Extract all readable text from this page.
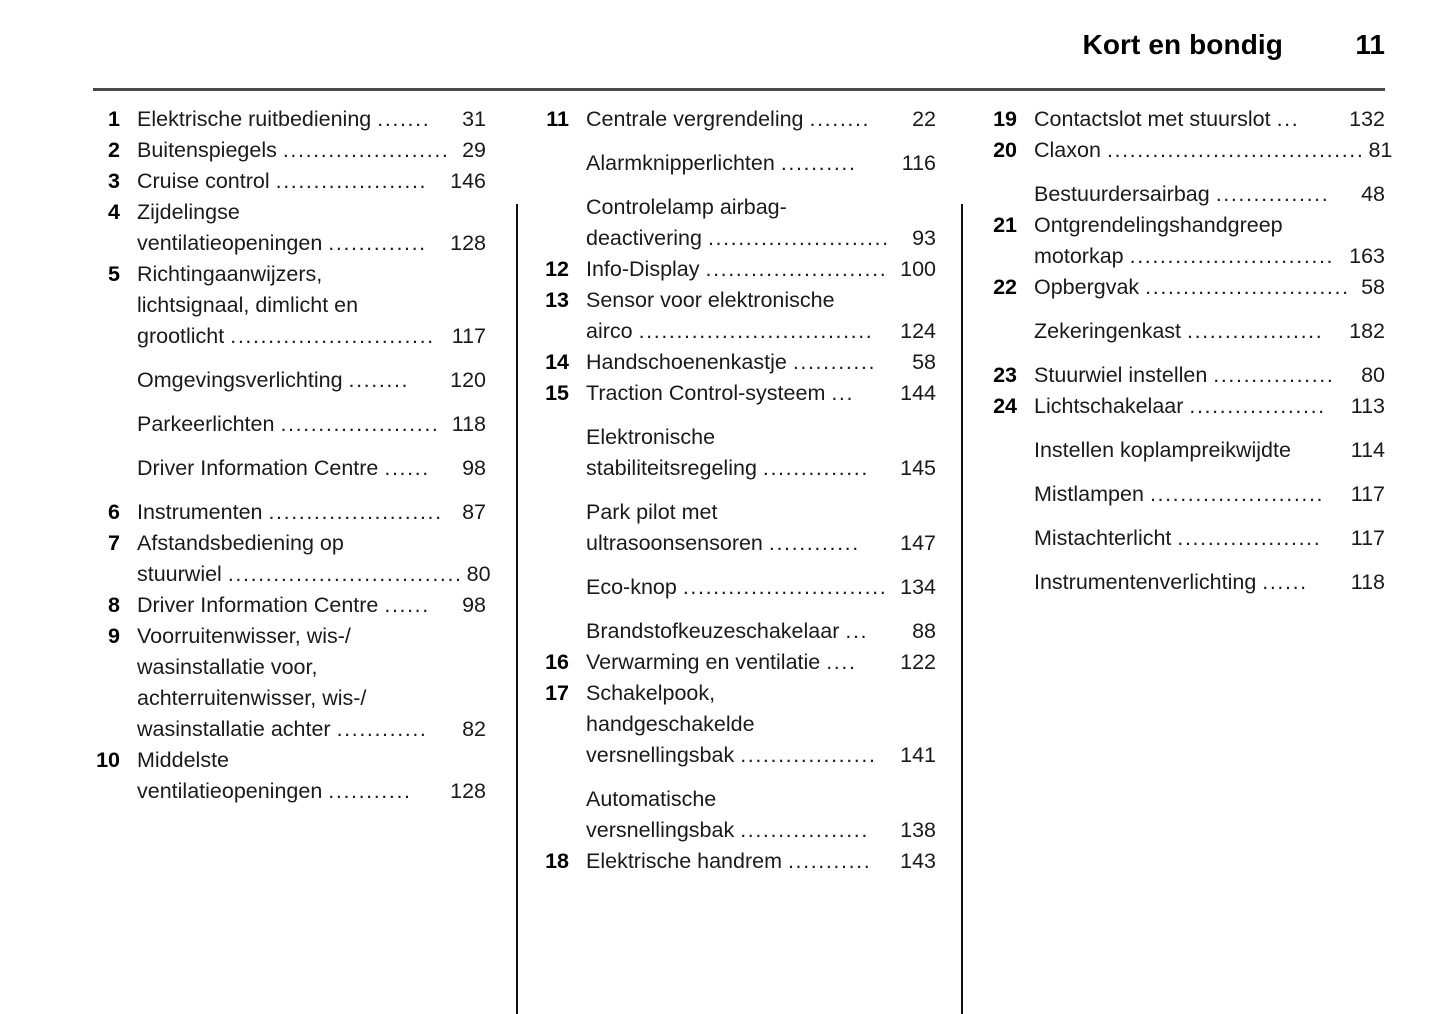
Kort en bondig	11
1 Elektrische ruitbediening .......	31
2 Buitenspiegels ...................... 29
3 Cruise control ....................	146
4 Zijdelingse
ventilatieopeningen .............	128
5 Richtingaanwijzers,
lichtsignaal, dimlicht en
grootlicht ........................... 117
Omgevingsverlichting ........	120
Parkeerlichten ..................... 118
Driver Information Centre ......	98
6 Instrumenten ....................... 87
7 Afstandsbediening op
stuurwiel ............................... 80
8 Driver Information Centre ......	98
9 Voorruitenwisser, wis-/
wasinstallatie voor,
achterruitenwisser, wis-/
wasinstallatie achter ............	82
10 Middelste
ventilatieopeningen ...........	128
11 Centrale vergrendeling ........	22
Alarmknipperlichten ..........	116
Controlelamp airbag-
deactivering ........................	93
12 Info-Display ........................ 100
13 Sensor voor elektronische
airco ...............................	124
14 Handschoenenkastje ...........	58
15 Traction Control-systeem ...	144
Elektronische
stabiliteitsregeling ..............	145
Park pilot met
ultrasoonsensoren ............	147
Eco-knop ........................... 134
Brandstofkeuzeschakelaar ...	88
16 Verwarming en ventilatie ....	122
17 Schakelpook,
handgeschakelde
versnellingsbak ..................	141
Automatische
versnellingsbak .................	138
18 Elektrische handrem ...........	143
19 Contactslot met stuurslot ...	132
20 Claxon .................................. 81
Bestuurdersairbag ...............	48
21 Ontgrendelingshandgreep
motorkap ........................... 163
22 Opbergvak ........................... 58
Zekeringenkast ..................	182
23 Stuurwiel instellen ................	80
24 Lichtschakelaar ..................	113
Instellen koplampreikwijdte	114
Mistlampen .......................	117
Mistachterlicht ...................	117
Instrumentenverlichting ......	118
